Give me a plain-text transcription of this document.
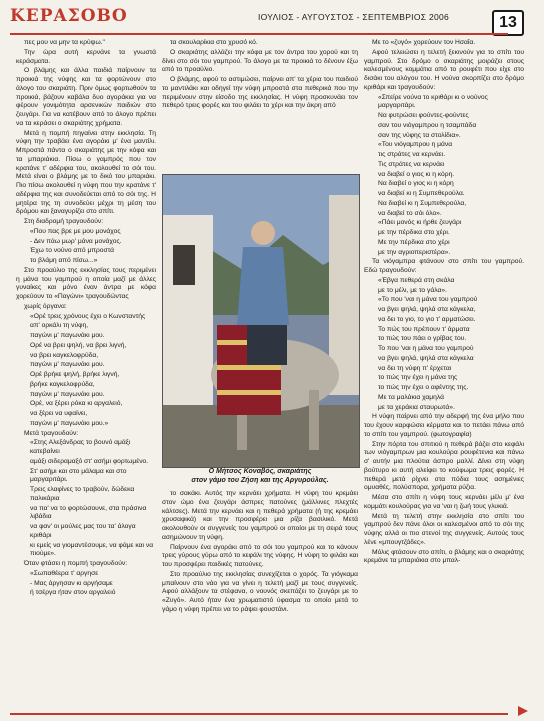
ΚΕΡΑΣΟΒΟ	ΙΟΥΛΙΟΣ - ΑΥΓΟΥΣΤΟΣ - ΣΕΠΤΕΜΒΡΙΟΣ 2006	13

πες μου να μην τα κρύψω."

Την ώρα αυτή κερνάνε τα γνωστά κεράσματα.

Ο βλάμης και άλλα παιδιά παίρνουν τα προικιά της νύφης και τα φορτώνουν στο άλογο του σκαριάτη. Πριν όμως φορτωθούν τα προικιά, βάζουν καβάλα δυο αγοράκια για να φέρουν γονιμότητα αρσενικών παιδιών στο ζευγάρι. Για να κατέβουν από το άλογο πρέπει να τα κεράσει ο σκαριάτης χρήματα.

Μετά η πομπή πηγαίνει στην εκκλησία. Τη νύφη την τραβάει ένα αγοράκι μ' ένα μαντίλι. Μπροστά πάντα ο σκαριάτης με την κόφα και τα μπαριάκια. Πίσω ο γαμπρός που τον κρατάνε τ' αδέρφια του, ακολουθεί το σόι του. Μετά είναι ο βλάμης με το δικό του μπαριάκι. Πιο πίσω ακολουθεί η νύφη που την κρατάνε τ' αδέρφια της και συνοδεύεται από το σόι της. Η μητέρα της τη συνοδεύει μέχρι τη μέση του δρόμου και ξαναγυρίζει στο σπίτι.

Στη διαδρομή τραγουδούν:

«Που πας βρε με μου μονάχος

- Δεν πάω μωρ' μάνα μονάχος.

Έχω το νούνο από μπροστά

το βλάμη από πίσω...»

Στο προαύλιο της εκκλησίας τους περιμένει η μάνα του γαμπρού η οποία μαζί με άλλες γυναίκες και μόνο έναν άντρα με κόφα χορεύουν το «Παγώνι» τραγουδώντας

χωρίς όργανα:

«Ορέ τρεις χρόνους έχει ο Κωνσταντής

απ' ορκάλι τη νύφη,

παγώνι μ' παγωνάκι μου.

Ορέ να βρει ψηλή, να βρει λιγνή,

να βρει καγκελοφρύδα,

παγώνι μ' παγωνάκι μου.

Ορέ βρήκε ψηλή, βρήκε λιγνή,

βρήκε καγκελοφρύδα,

παγώνι μ' παγωνάκι μου.

Ορέ, να ξέρει ρόκα κι αργαλειό,

να ξέρει να υφαίνει,

παγώνι μ' παγωνάκι μου.»

Μετά τραγουδούν:

«Στης Αλεξάνδρας το βουνό αμάξι κατεβαίνει

αμάξι σιδεραμαξό στ' ασήμι φορτωμένο.

Στ' ασήμι και στο μάλαμα και στο μαργαριτάρι.

Τρεις ελαφίνες το τραβούν, δώδεκα παλικάρια

να πα' να το φορτώσουνε, στα πράσινα λιβάδια

να φαν' οι μούλες μας του τα' άλογα κριθάρι

κι εμείς να γιομαντέσουμε, να φάμε και να πιούμε».

Όταν φτάσει η πομπή τραγουδούν:

«Σωπαθέερα τ' αργησε

- Μας άργησαν κι αργήσαμε

ή τσέργα ήταν στον αργαλειό

τα σκουλαρίκια στο χρυσό κό.

Ο σκαριάτης αλλάζει την κόφα με τον άντρα του χορού και τη δίνει στο σόι του γαμπρού. Το άλογο με τα προικιά το δένουν έξω από το προαύλιο.

Ο βλάμης, αφού το αστιμώσει, παίρνει απ' τα χέρια του παιδιού το μαντιλάκι και οδηγεί την νύφη μπροστά στα πεθερικά που την περιμένουν στην είσοδο της εκκλησίας. Η νύφη προσκυνάει τον πεθερό τρεις φορές και του φιλάει το χέρι και την άκρη από

Ο Μήτσος Κοναβός, σκαριάτης
στον γάμο του Ζήση και της Αργυρούλας.

το σακάκι. Αυτός την κερνάει χρήματα. Η νύφη του κρεμάει στον ώμο ένα ζευγάρι άσπρες πατούνες (μάλλινες πλεχτές κάλτσες). Μετά την κερνάει και η πεθερά χρήματα (ή της κρεμάει χρυσαφικά) και την προσφέρει μια ρίζα βασιλικό. Μετά ακολουθούν οι συγγενείς του γαμπρού οι οποίοι με τη σειρά τους ασημώνουν τη νύφη.

Παίρνουν ένα αγοράκι από το σόι του γαμπρού και το κάνουν τρεις γύρους γύρω από το κεφάλι της νύφης. Η νύφη το φιλάει και του προσφέρει παιδικές πατούνες.

Στο προαύλιο της εκκλησίας συνεχίζεται ο χορός. Τα γιόγκαμα μπαίνουν στο νάο για να γίνει η τελετή μαζί με τους συγγενείς. Αφού αλλάξουν τα στέφανα, ο νουνός σκεπάζει το ζευγάρι με το «Ζυγό». Αυτό ήταν ένα χρωματιστό ύφασμα το οποίο μετά το γάμο η νύφη πρέπει να το ράψει φουστάνι.

Με το «ζυγό» χορεύουν τον Ησαΐα.

Αφού τελειώσει η τελετή ξεκινούν για το σπίτι του γαμπρού. Στο δρόμο ο σκαριάτης μοιράζει στους καλεσμένους κομμάτια από το ρουφέτι που είχε στο δισάκι του αλόγου του. Η νούνα σκορπίζει στο δρόμο κριθάρι και τραγουδούν:

«Σπείρε νούνα το κριθάρι κι ο νούνος μαργαριτάρι.

Να φυτρώσει φούντες-φούντες

σαν του νιόγαμπρου η τσαμπάδα

σαν της νύφης τα στολίδια».

«Του νιόγαμπρου η μάνα

τις στράτες να κερνάει.

Τις στράτες να κερνάει

να διαβεί ο γιος κι η κόρη.

Να διαβεί ο γιος κι η κόρη

να διαβεί κι η Συμπεθερούλα.

Να διαβεί κι η Συμπεθερούλα,

να διαβεί το σόι όλο».

«Πάει μονός κι ήρθε ζευγάρι

με την πέρδικα στο χέρι.

Με την πέρδικα στο χέρι

με την αγριοπεριστέρα».

Τα νιόγαμπρα φτάνουν στο σπίτι του γαμπρού. Εδώ τραγουδούν:

«Έβγα πεθερά στη σκάλα

με το μέλι, με το γάλα».

«Το που 'ναι η μάνα του γαμπρού

να βγει ψηλά, ψηλά στα κάγκελα,

να δει το γιο, το γιο τ' αρματώσει.

Το πώς του πρέπουν τ' άρματα

το πώς του πάει ο γρίβας του.

Το που 'ναι η μάνα του γαμπρού

να βγει ψηλά, ψηλά στα κάγκελα

να δει τη νύφη π' έρχεται

το πώς την έχει η μάνα της

το πώς την έχει ο αφέντης της.

Με τα μαλάκια χαμηλά

με τα χεράκια σταυρωτά».

Η νύφη παίρνει από την αδερφή της ένα μήλο που του έχουν καρφώσει κέρματα και το πετάει πάνω από το σπίτι του γαμπρού. (φωτογραφία)

Στην πόρτα του σπιτιού η πεθερά βάζει στο κεφάλι των νιόγαμπρων μια κουλούρα ρουφέτενια και πάνω σ' αυτήν μια πλούτια άσπρο μαλλί. Δίνει στη νύφη βούτυρο κι αυτή αλείφει το κούφωμα τρεις φορές. Η πεθερά μετά ρίχνει στα πόδια τους ασημένιες ομυαθές, πολύσπορα, χρήματα ρύζια.

Μέσα στο σπίτι η νύφη τους κερνάει μέλι μ' ένα κομμάτι κουλούρας για να 'ναι η ζωή τους γλυκιά.

Μετά τη τελετή στην εκκλησία στο σπίτι του γαμπρού δεν πάνε όλοι οι καλεσμένοι από το σόι της νύφης αλλά οι πιο στενοί της συγγενείς. Αυτούς τους λένε «μπουγτζάδες».

Μόλις φτάσουν στο σπίτι, ο βλάμης και ο σκαριάτης κρεμάνε τα μπαριάκια στο μπαλ-
